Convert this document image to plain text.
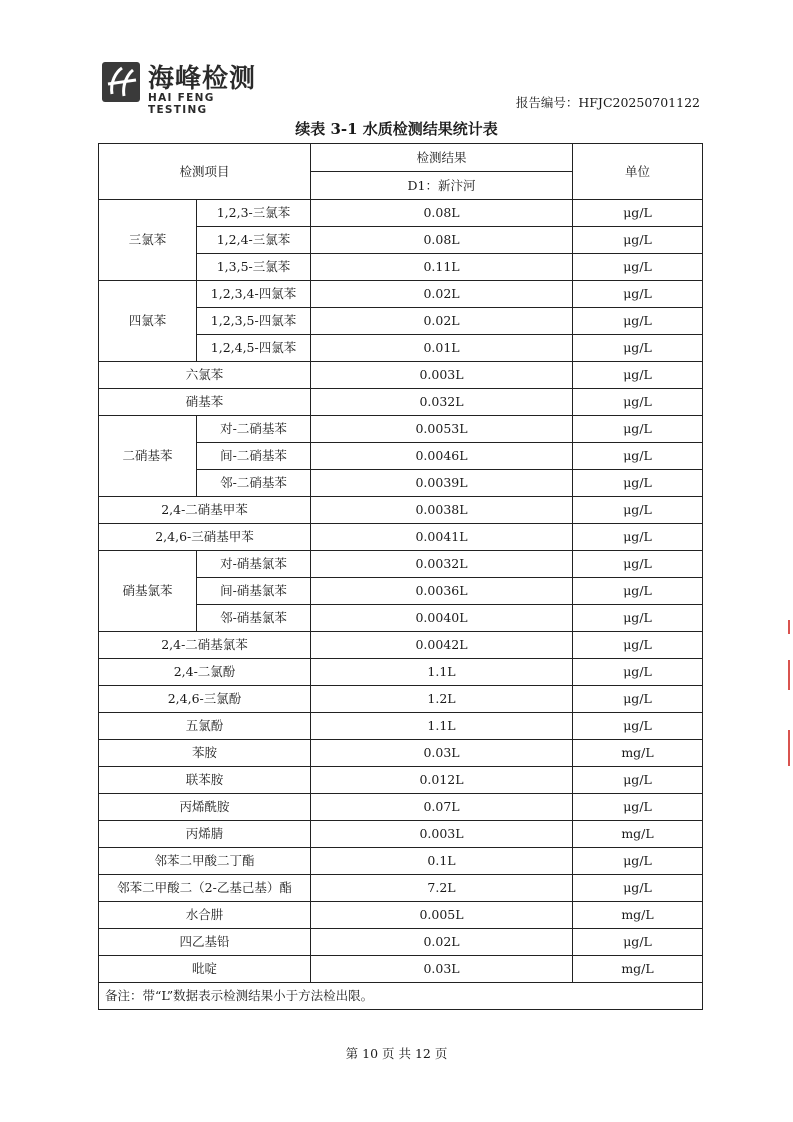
海峰检测
HAI FENG TESTING	报告编号：HFJC20250701122
续表 3-1 水质检测结果统计表
检测项目		检测结果	单位
		D1：新汴河	
三氯苯	1,2,3-三氯苯	0.08L	μg/L
	1,2,4-三氯苯	0.08L	μg/L
	1,3,5-三氯苯	0.11L	μg/L
四氯苯	1,2,3,4-四氯苯	0.02L	μg/L
	1,2,3,5-四氯苯	0.02L	μg/L
	1,2,4,5-四氯苯	0.01L	μg/L
六氯苯		0.003L	μg/L
硝基苯		0.032L	μg/L
二硝基苯	对-二硝基苯	0.0053L	μg/L
	间-二硝基苯	0.0046L	μg/L
	邻-二硝基苯	0.0039L	μg/L
2,4-二硝基甲苯		0.0038L	μg/L
2,4,6-三硝基甲苯		0.0041L	μg/L
硝基氯苯	对-硝基氯苯	0.0032L	μg/L
	间-硝基氯苯	0.0036L	μg/L
	邻-硝基氯苯	0.0040L	μg/L
2,4-二硝基氯苯		0.0042L	μg/L
2,4-二氯酚		1.1L	μg/L
2,4,6-三氯酚		1.2L	μg/L
五氯酚		1.1L	μg/L
苯胺		0.03L	mg/L
联苯胺		0.012L	μg/L
丙烯酰胺		0.07L	μg/L
丙烯腈		0.003L	mg/L
邻苯二甲酸二丁酯		0.1L	μg/L
邻苯二甲酸二（2-乙基己基）酯		7.2L	μg/L
水合肼		0.005L	mg/L
四乙基铅		0.02L	μg/L
吡啶		0.03L	mg/L
备注：带“L”数据表示检测结果小于方法检出限。			
第 10 页 共 12 页
